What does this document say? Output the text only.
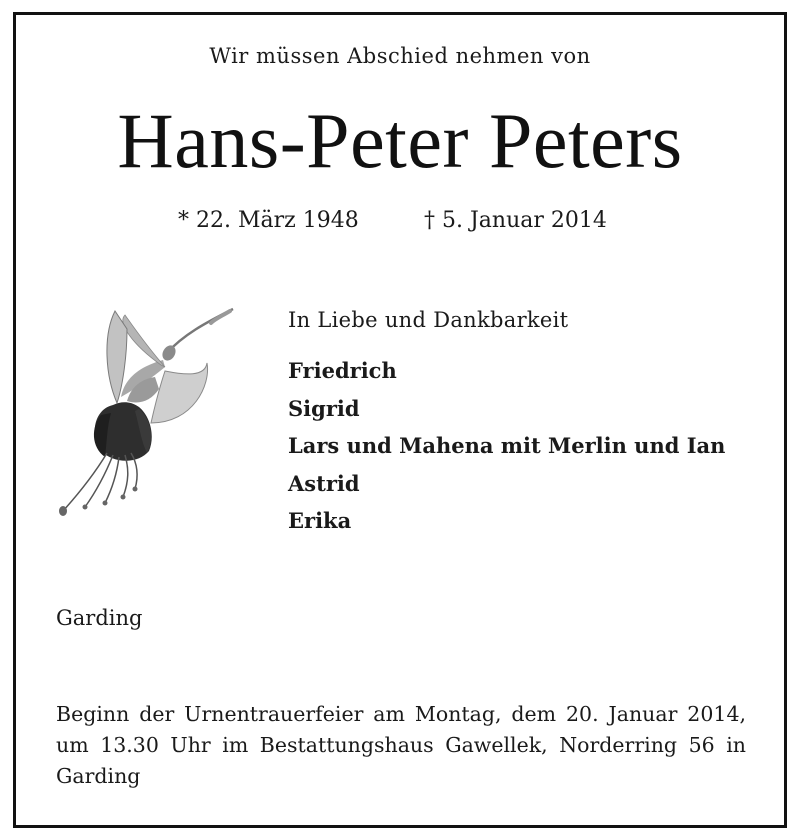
Wir müssen Abschied nehmen von
Hans-Peter Peters
* 22. März 1948	† 5. Januar 2014
In Liebe und Dankbarkeit
Friedrich
Sigrid
Lars und Mahena mit Merlin und Ian
Astrid
Erika
Garding
Beginn der Urnentrauerfeier am Montag, dem 20. Januar 2014, um 13.30 Uhr im Bestattungshaus Gawellek, Norderring 56 in Garding
